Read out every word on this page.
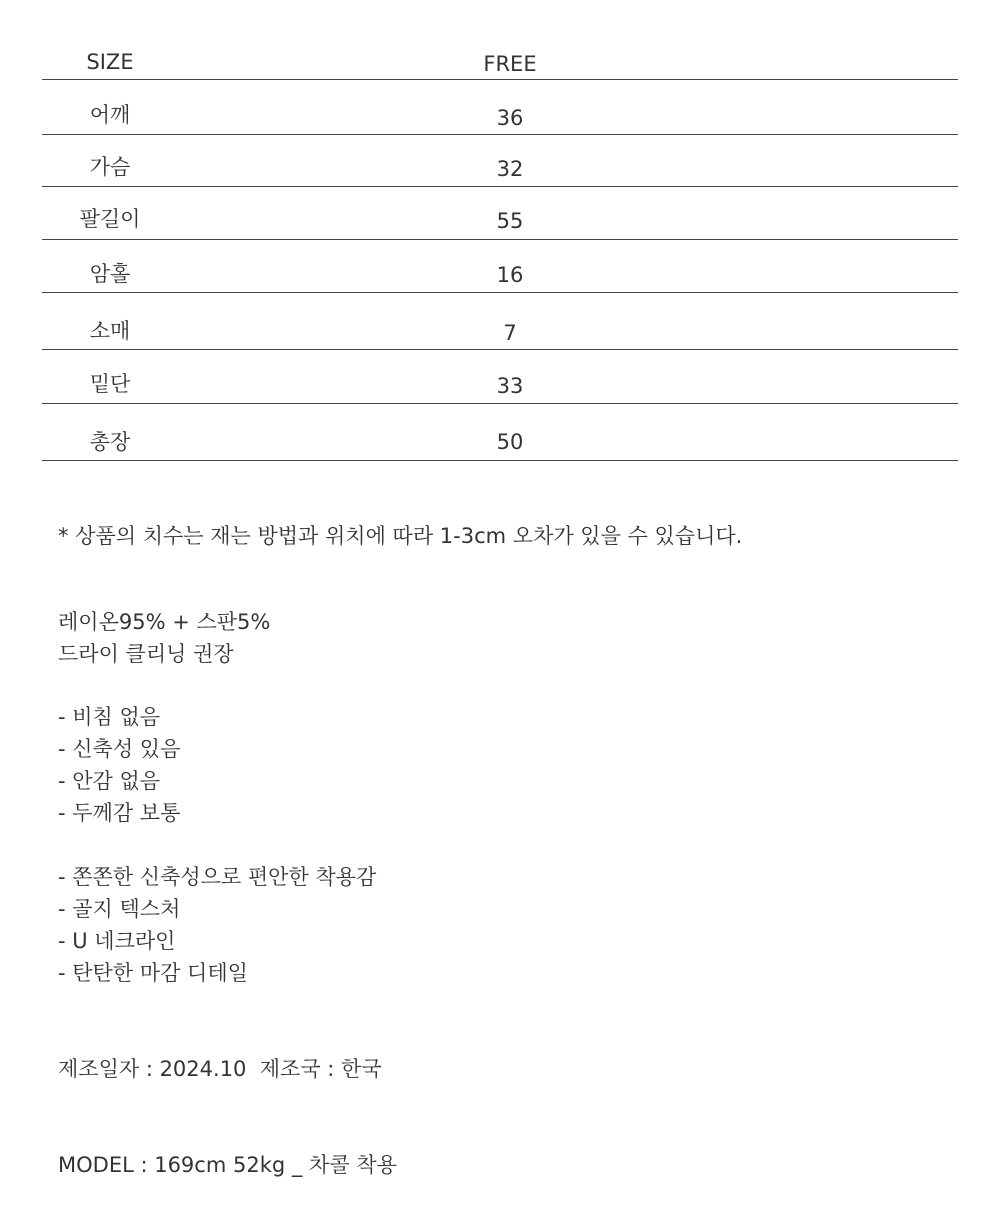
SIZE	FREE
어깨	36
가슴	32
팔길이	55
암홀	16
소매	7
밑단	33
총장	50
* 상품의 치수는 재는 방법과 위치에 따라 1-3cm 오차가 있을 수 있습니다.
레이온95% + 스판5%
드라이 클리닝 권장
- 비침 없음
- 신축성 있음
- 안감 없음
- 두께감 보통
- 쫀쫀한 신축성으로 편안한 착용감
- 골지 텍스처
- U 네크라인
- 탄탄한 마감 디테일
제조일자 : 2024.10  제조국 : 한국
MODEL : 169cm 52kg _ 차콜 착용
